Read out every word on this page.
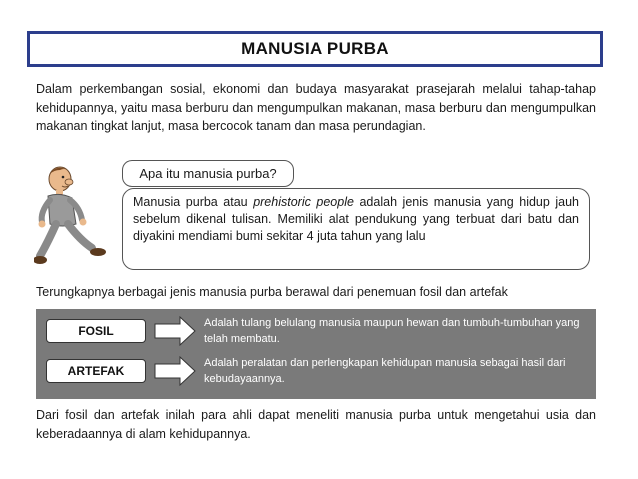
MANUSIA PURBA
Dalam perkembangan sosial, ekonomi dan budaya masyarakat prasejarah melalui tahap-tahap kehidupannya, yaitu masa berburu dan mengumpulkan makanan, masa berburu dan mengumpulkan makanan tingkat lanjut, masa bercocok tanam dan masa perundagian.
Apa itu manusia purba?
Manusia purba atau prehistoric people adalah jenis manusia yang hidup jauh sebelum dikenal tulisan. Memiliki alat pendukung yang terbuat dari batu dan diyakini mendiami bumi sekitar 4 juta tahun yang lalu
Terungkapnya berbagai jenis manusia purba berawal dari penemuan fosil dan artefak
FOSIL
Adalah tulang belulang manusia maupun hewan dan tumbuh-tumbuhan yang telah membatu.
ARTEFAK
Adalah peralatan dan perlengkapan kehidupan manusia sebagai hasil dari kebudayaannya.
Dari fosil dan artefak inilah para ahli dapat meneliti manusia purba untuk mengetahui usia dan keberadaannya di alam kehidupannya.
